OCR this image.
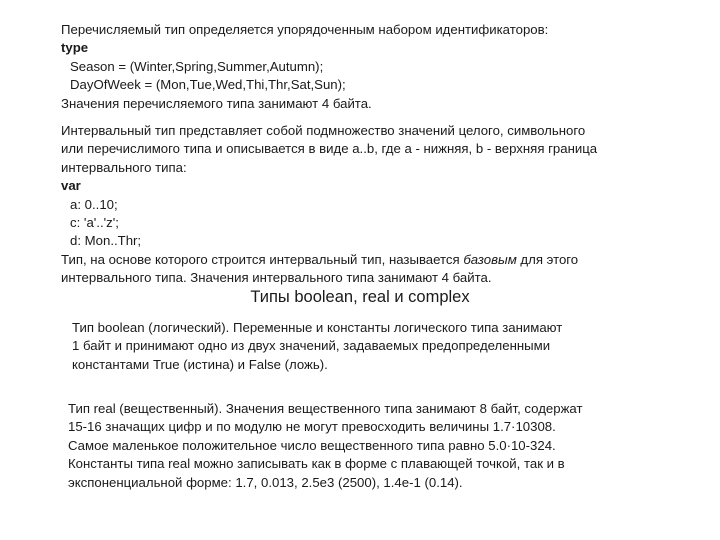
Перечисляемый тип определяется упорядоченным набором идентификаторов:
type
Season = (Winter,Spring,Summer,Autumn);
DayOfWeek = (Mon,Tue,Wed,Thi,Thr,Sat,Sun);
Значения перечисляемого типа занимают 4 байта.
Интервальный тип представляет собой подмножество значений целого, символьного
или перечислимого типа и описывается в виде a..b, где a - нижняя, b - верхняя граница
интервального типа:
var
a: 0..10;
c: 'a'..'z';
d: Mon..Thr;
Тип, на основе которого строится интервальный тип, называется базовым для этого
интервального типа. Значения интервального типа занимают 4 байта.
Типы boolean, real и complex
Тип boolean (логический). Переменные и константы логического типа занимают
1 байт и принимают одно из двух значений, задаваемых предопределенными
константами True (истина) и False (ложь).
Тип real (вещественный). Значения вещественного типа занимают 8 байт, содержат
15-16 значащих цифр и по модулю не могут превосходить величины 1.7·10308.
Самое маленькое положительное число вещественного типа равно 5.0·10-324.
Константы типа real можно записывать как в форме с плавающей точкой, так и в
экспоненциальной форме: 1.7, 0.013, 2.5e3 (2500), 1.4e-1 (0.14).
